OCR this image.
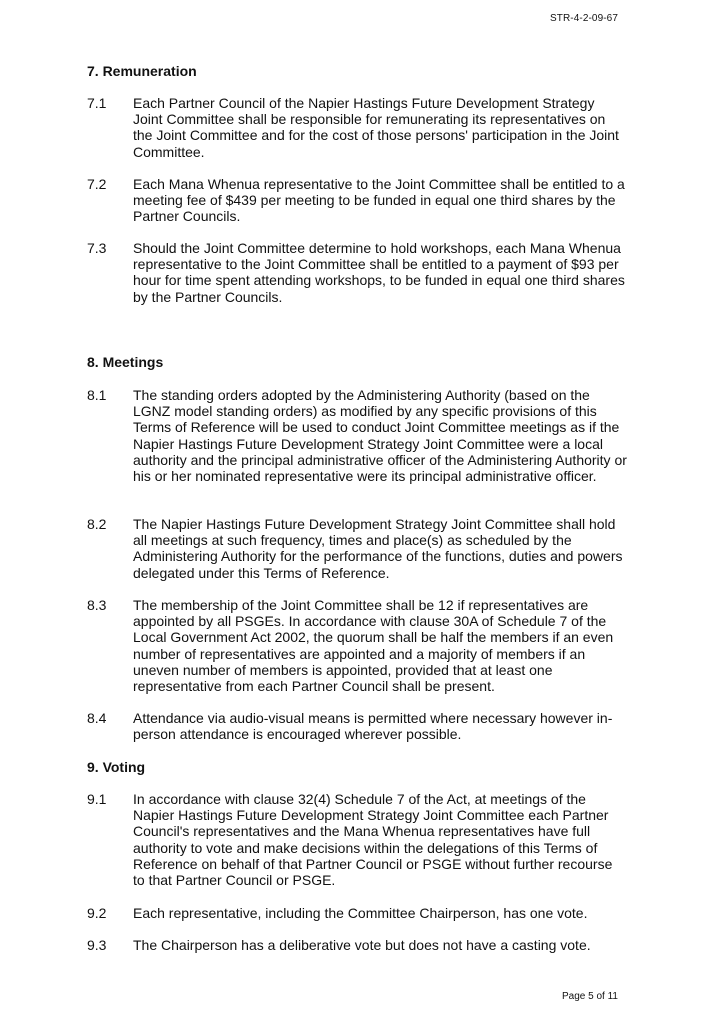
STR-4-2-09-67
7. Remuneration
7.1 Each Partner Council of the Napier Hastings Future Development Strategy Joint Committee shall be responsible for remunerating its representatives on the Joint Committee and for the cost of those persons' participation in the Joint Committee.
7.2 Each Mana Whenua representative to the Joint Committee shall be entitled to a meeting fee of $439 per meeting to be funded in equal one third shares by the Partner Councils.
7.3 Should the Joint Committee determine to hold workshops, each Mana Whenua representative to the Joint Committee shall be entitled to a payment of $93 per hour for time spent attending workshops, to be funded in equal one third shares by the Partner Councils.
8. Meetings
8.1 The standing orders adopted by the Administering Authority (based on the LGNZ model standing orders) as modified by any specific provisions of this Terms of Reference will be used to conduct Joint Committee meetings as if the Napier Hastings Future Development Strategy Joint Committee were a local authority and the principal administrative officer of the Administering Authority or his or her nominated representative were its principal administrative officer.
8.2 The Napier Hastings Future Development Strategy Joint Committee shall hold all meetings at such frequency, times and place(s) as scheduled by the Administering Authority for the performance of the functions, duties and powers delegated under this Terms of Reference.
8.3 The membership of the Joint Committee shall be 12 if representatives are appointed by all PSGEs. In accordance with clause 30A of Schedule 7 of the Local Government Act 2002, the quorum shall be half the members if an even number of representatives are appointed and a majority of members if an uneven number of members is appointed, provided that at least one representative from each Partner Council shall be present.
8.4 Attendance via audio-visual means is permitted where necessary however in-person attendance is encouraged wherever possible.
9. Voting
9.1 In accordance with clause 32(4) Schedule 7 of the Act, at meetings of the Napier Hastings Future Development Strategy Joint Committee each Partner Council's representatives and the Mana Whenua representatives have full authority to vote and make decisions within the delegations of this Terms of Reference on behalf of that Partner Council or PSGE without further recourse to that Partner Council or PSGE.
9.2 Each representative, including the Committee Chairperson, has one vote.
9.3 The Chairperson has a deliberative vote but does not have a casting vote.
Page 5 of 11
